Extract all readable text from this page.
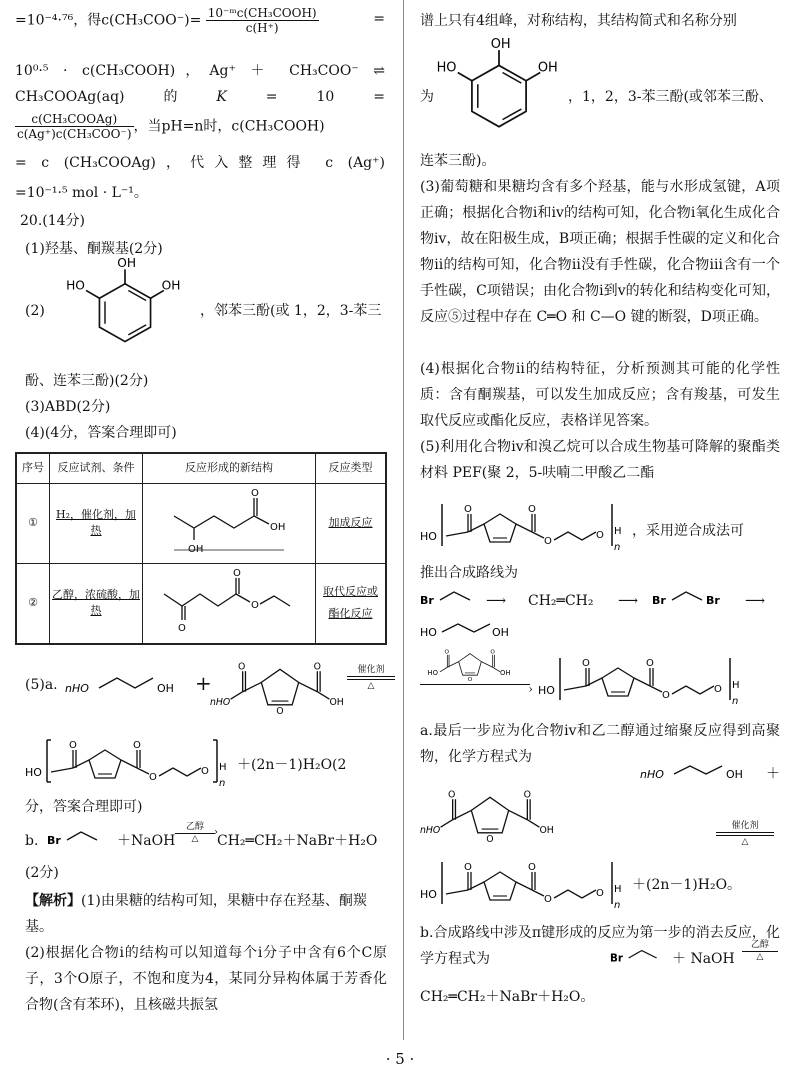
=10⁻⁴·⁷⁶，得$c(CH_3COO^-)= \frac{\text{10⁻ᵐc(CH₃COOH)}}{c(H^+)}$	=

10⁰·⁵ · c(CH₃COOH)，Ag⁺ ＋ CH₃COO⁻ ⇌

CH₃COOAg(aq)	的	K	=	10	=
$\frac{\text{c(CH₃COOAg)}}{\text{c(Ag⁺)c(CH₃COO⁻)}}$ ，当pH=n时，c(CH₃COOH)

= c (CH₃COOAg)，代入整理得 c (Ag⁺)

=10⁻¹·⁵ mol · L⁻¹。

20.(14分)

(1)羟基、酮羰基(2分)

(2)
OH
HO	OH
，邻苯三酚(或 1，2，3-苯三

酚、连苯三酚)(2分)

(3)ABD(2分)

(4)(4分，答案合理即可)

序号	反应试剂、条件	反应形成的新结构	反应类型
①	H₂，催化剂，加热	OH
O
OH	加成反应
②	乙醇，浓硫酸，加热	O
O
O	取代反应或酯化反应
(5)a. nHO	OH +
nHO	OH
催化剂
△
HO
O	O
O
O H
n
＋(2n－1)H₂O(2

分，答案合理即可)

b. Br	＋NaOH
乙醇	›
△	CH₂═CH₂＋NaBr＋H₂O

(2分)

【解析】(1)由果糖的结构可知，果糖中存在羟基、酮羰基。

(2)根据化合物ⅰ的结构可以知道每个ⅰ分子中含有6个C原子，3个O原子，不饱和度为4，某同分异构体属于芳香化合物(含有苯环)，且核磁共振氢

谱上只有4组峰，对称结构，其结构简式和名称分别

为
HO
OH
OH
，1，2，3-苯三酚(或邻苯三酚、

连苯三酚)。

(3)葡萄糖和果糖均含有多个羟基，能与水形成氢键，A项正确；根据化合物ⅰ和ⅳ的结构可知，化合物ⅰ氧化生成化合物ⅳ，故在阳极生成，B项正确；根据手性碳的定义和化合物ⅱ的结构可知，化合物ⅱ没有手性碳，化合物ⅲ含有一个手性碳，C项错误；由化合物ⅰ到ⅴ的转化和结构变化可知，反应⑤过程中存在 C═O 和 C—O 键的断裂，D项正确。

(4)根据化合物ⅱ的结构特征，分析预测其可能的化学性质：含有酮羰基，可以发生加成反应；含有羧基，可发生取代反应或酯化反应，表格详见答案。

(5)利用化合物ⅳ和溴乙烷可以合成生物基可降解的聚酯类材料 PEF(聚 2，5-呋喃二甲酸乙二酯

HO
O	O
O
O H
n
，采用逆合成法可

推出合成路线为

Br	⟶ CH₂═CH₂ ⟶ Br	Br ⟶
HO	OH
HO	OH
› HO
O	O
O
O H
n

a.最后一步应为化合物ⅳ和乙二醇通过缩聚反应得到高聚物，化学方程式为

nHO	OH ＋
nHO	OH	催化剂
△
HO
O	O
O
O H
n
＋(2n－1)H₂O。

b.合成路线中涉及π键形成的反应为第一步的消去反应，化学方程式为	Br	＋ NaOH
乙醇
△

CH₂═CH₂＋NaBr＋H₂O。

· 5 ·
